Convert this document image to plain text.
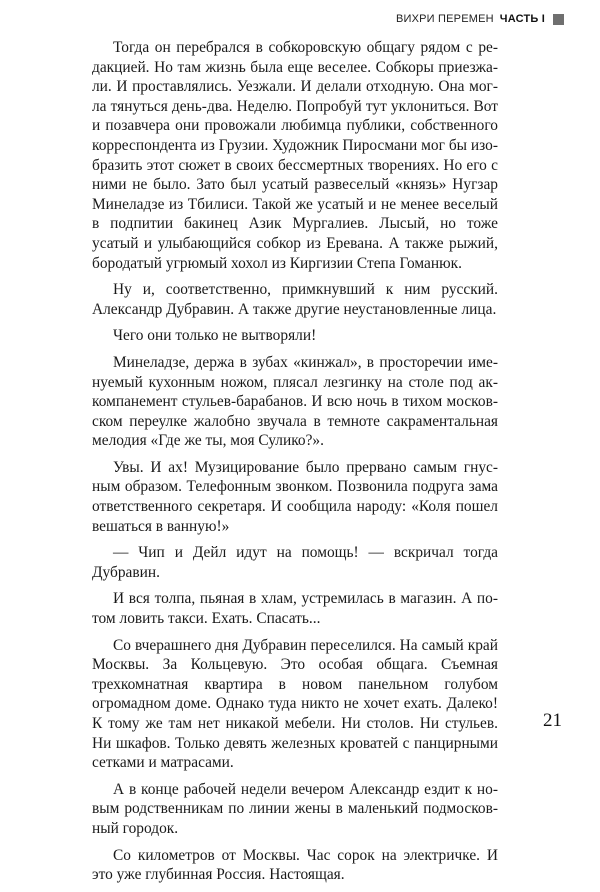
ВИХРИ ПЕРЕМЕН ЧАСТЬ I

Тогда он перебрался в собкоровскую общагу рядом с редакцией. Но там жизнь была еще веселее. Собкоры приезжали. И проставлялись. Уезжали. И делали отходную. Она могла тянуться день-два. Неделю. Попробуй тут уклониться. Вот и позавчера они провожали любимца публики, собственного корреспондента из Грузии. Художник Пиросмани мог бы изобразить этот сюжет в своих бессмертных творениях. Но его с ними не было. Зато был усатый развеселый «князь» Нугзар Минеладзе из Тбилиси. Такой же усатый и не менее веселый в подпитии бакинец Азик Мургалиев. Лысый, но тоже усатый и улыбающийся собкор из Еревана. А также рыжий, бородатый угрюмый хохол из Киргизии Степа Гоманюк.

Ну и, соответственно, примкнувший к ним русский. Александр Дубравин. А также другие неустановленные лица.

Чего они только не вытворяли!

Минеладзе, держа в зубах «кинжал», в просторечии именуемый кухонным ножом, плясал лезгинку на столе под аккомпанемент стульев-барабанов. И всю ночь в тихом московском переулке жалобно звучала в темноте сакраментальная мелодия «Где же ты, моя Сулико?».

Увы. И ах! Музицирование было прервано самым гнусным образом. Телефонным звонком. Позвонила подруга зама ответственного секретаря. И сообщила народу: «Коля пошел вешаться в ванную!»

— Чип и Дейл идут на помощь! — вскричал тогда Дубравин.

И вся толпа, пьяная в хлам, устремилась в магазин. А потом ловить такси. Ехать. Спасать...

Со вчерашнего дня Дубравин переселился. На самый край Москвы. За Кольцевую. Это особая общага. Съемная трехкомнатная квартира в новом панельном голубом огромадном доме. Однако туда никто не хочет ехать. Далеко! К тому же там нет никакой мебели. Ни столов. Ни стульев. Ни шкафов. Только девять железных кроватей с панцирными сетками и матрасами.

А в конце рабочей недели вечером Александр ездит к новым родственникам по линии жены в маленький подмосковный городок.

Со километров от Москвы. Час сорок на электричке. И это уже глубинная Россия. Настоящая.

21
